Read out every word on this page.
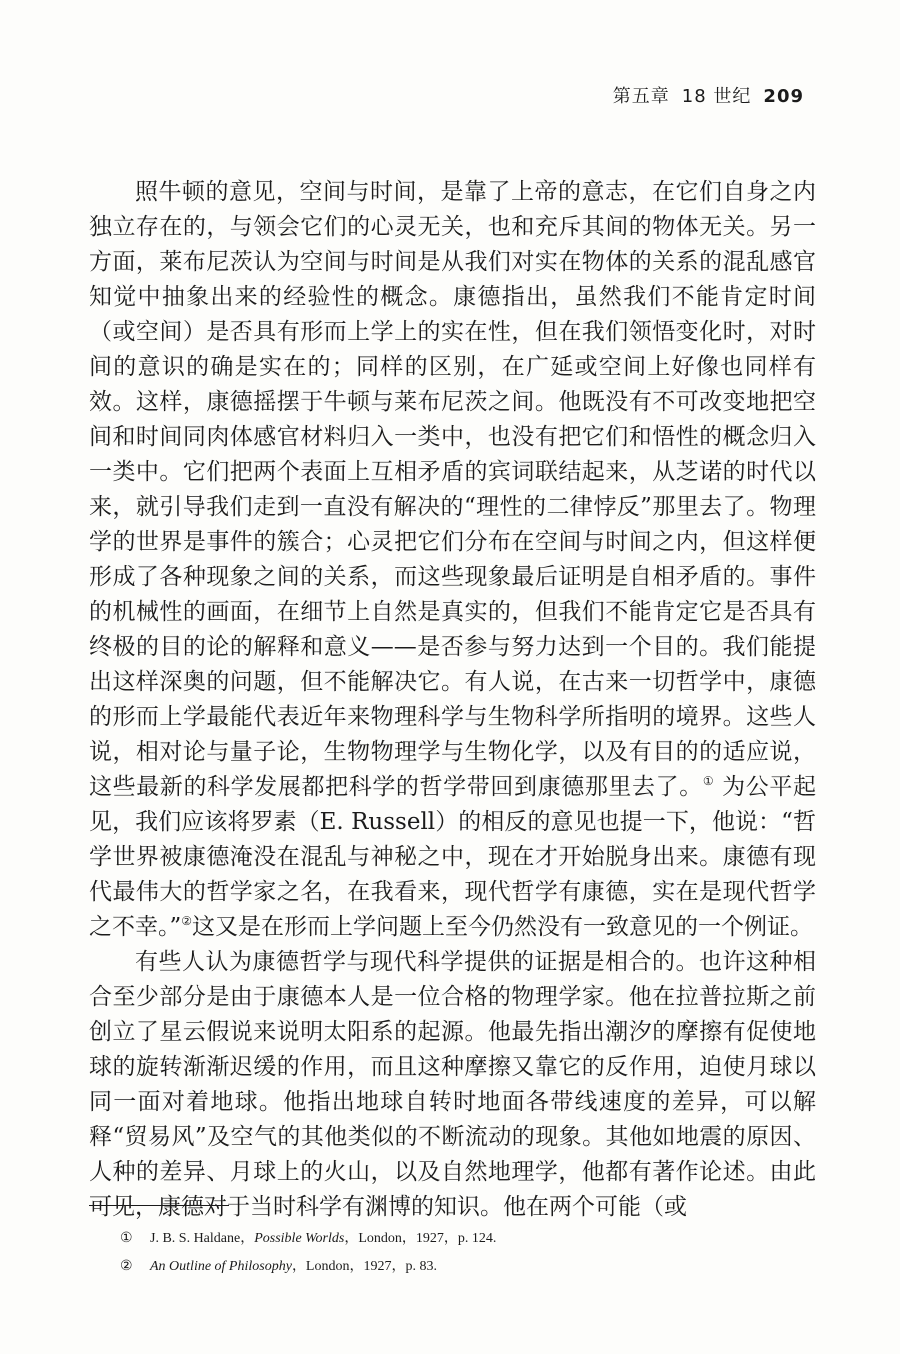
第五章 18 世纪 209

照牛顿的意见，空间与时间，是靠了上帝的意志，在它们自身之内独立存在的，与领会它们的心灵无关，也和充斥其间的物体无关。另一方面，莱布尼茨认为空间与时间是从我们对实在物体的关系的混乱感官知觉中抽象出来的经验性的概念。康德指出，虽然我们不能肯定时间（或空间）是否具有形而上学上的实在性，但在我们领悟变化时，对时间的意识的确是实在的；同样的区别，在广延或空间上好像也同样有效。这样，康德摇摆于牛顿与莱布尼茨之间。他既没有不可改变地把空间和时间同肉体感官材料归入一类中，也没有把它们和悟性的概念归入一类中。它们把两个表面上互相矛盾的宾词联结起来，从芝诺的时代以来，就引导我们走到一直没有解决的“理性的二律悖反”那里去了。物理学的世界是事件的簇合；心灵把它们分布在空间与时间之内，但这样便形成了各种现象之间的关系，而这些现象最后证明是自相矛盾的。事件的机械性的画面，在细节上自然是真实的，但我们不能肯定它是否具有终极的目的论的解释和意义——是否参与努力达到一个目的。我们能提出这样深奥的问题，但不能解决它。有人说，在古来一切哲学中，康德的形而上学最能代表近年来物理科学与生物科学所指明的境界。这些人说，相对论与量子论，生物物理学与生物化学，以及有目的的适应说，这些最新的科学发展都把科学的哲学带回到康德那里去了。① 为公平起见，我们应该将罗素（E. Russell）的相反的意见也提一下，他说：“哲学世界被康德淹没在混乱与神秘之中，现在才开始脱身出来。康德有现代最伟大的哲学家之名，在我看来，现代哲学有康德，实在是现代哲学之不幸。”②这又是在形而上学问题上至今仍然没有一致意见的一个例证。

有些人认为康德哲学与现代科学提供的证据是相合的。也许这种相合至少部分是由于康德本人是一位合格的物理学家。他在拉普拉斯之前创立了星云假说来说明太阳系的起源。他最先指出潮汐的摩擦有促使地球的旋转渐渐迟缓的作用，而且这种摩擦又靠它的反作用，迫使月球以同一面对着地球。他指出地球自转时地面各带线速度的差异，可以解释“贸易风”及空气的其他类似的不断流动的现象。其他如地震的原因、人种的差异、月球上的火山，以及自然地理学，他都有著作论述。由此可见，康德对于当时科学有渊博的知识。他在两个可能（或

① J. B. S. Haldane，Possible Worlds，London，1927，p. 124.
② An Outline of Philosophy，London，1927，p. 83.
